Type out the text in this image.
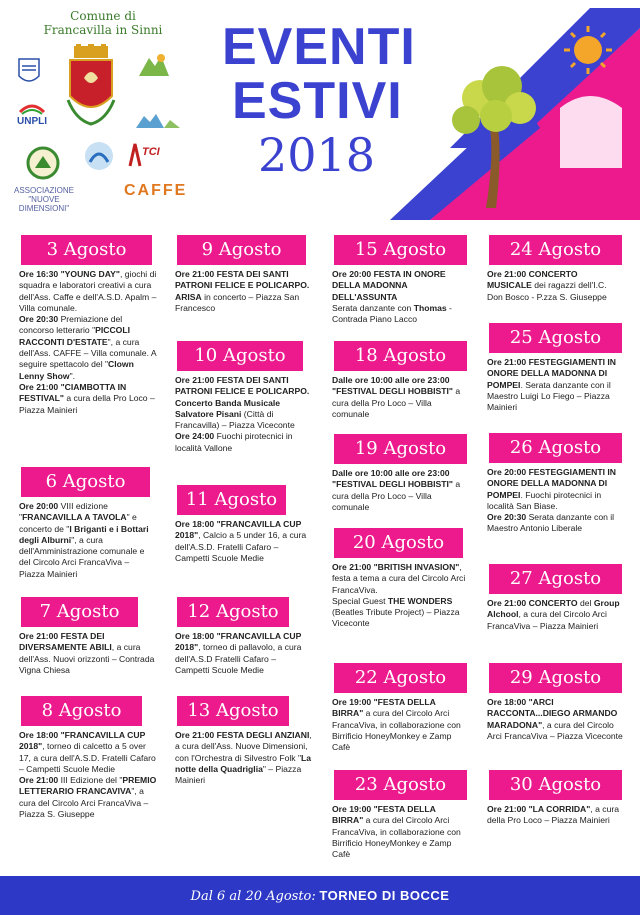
Comune di
Francavilla in Sinni

UNPLI
ASSOCIAZIONE "NUOVE DIMENSIONI"
TCI
CAFFE
EVENTI
ESTIVI
2018
3 Agosto
Ore 16:30 "YOUNG DAY", giochi di squadra e laboratori creativi a cura dell'Ass. Caffe e dell'A.S.D. Apalm – Villa comunale.
Ore 20:30 Premiazione del concorso letterario "PICCOLI RACCONTI D'ESTATE", a cura dell'Ass. CAFFE – Villa comunale. A seguire spettacolo del "Clown Lenny Show".
Ore 21:00 "CIAMBOTTA IN FESTIVAL" a cura della Pro Loco – Piazza Mainieri
6 Agosto
Ore 20:00 VIII edizione "FRANCAVILLA A TAVOLA" e concerto de "I Briganti e i Bottari degli Alburni", a cura dell'Amministrazione comunale e del Circolo Arci FrancaViva – Piazza Mainieri
7 Agosto
Ore 21:00 FESTA DEI DIVERSAMENTE ABILI, a cura dell'Ass. Nuovi orizzonti – Contrada Vigna Chiesa
8 Agosto
Ore 18:00 "FRANCAVILLA CUP 2018", torneo di calcetto a 5 over 17, a cura dell'A.S.D. Fratelli Cafaro – Campetti Scuole Medie
Ore 21:00 III Edizione del "PREMIO LETTERARIO FRANCAVIVA", a cura del Circolo Arci FrancaViva – Piazza S. Giuseppe
9 Agosto
Ore 21:00 FESTA DEI SANTI PATRONI FELICE E POLICARPO.
ARISA in concerto – Piazza San Francesco
10 Agosto
Ore 21:00 FESTA DEI SANTI PATRONI FELICE E POLICARPO.
Concerto Banda Musicale Salvatore Pisani (Città di Francavilla) – Piazza Viceconte
Ore 24:00 Fuochi pirotecnici in località Vallone
11 Agosto
Ore 18:00 "FRANCAVILLA CUP 2018", Calcio a 5 under 16, a cura dell'A.S.D. Fratelli Cafaro – Campetti Scuole Medie
12 Agosto
Ore 18:00 "FRANCAVILLA CUP 2018", torneo di pallavolo, a cura dell'A.S.D Fratelli Cafaro – Campetti Scuole Medie
13 Agosto
Ore 21:00 FESTA DEGLI ANZIANI, a cura dell'Ass. Nuove Dimensioni, con l'Orchestra di Silvestro Folk "La notte della Quadriglia" – Piazza Mainieri
15 Agosto
Ore 20:00 FESTA IN ONORE DELLA MADONNA DELL'ASSUNTA
Serata danzante con Thomas - Contrada Piano Lacco
18 Agosto
Dalle ore 10:00 alle ore 23:00 "FESTIVAL DEGLI HOBBISTI" a cura della Pro Loco – Villa comunale
19 Agosto
Dalle ore 10:00 alle ore 23:00 "FESTIVAL DEGLI HOBBISTI" a cura della Pro Loco – Villa comunale
20 Agosto
Ore 21:00 "BRITISH INVASION", festa a tema a cura del Circolo Arci FrancaViva.
Special Guest THE WONDERS (Beatles Tribute Project) – Piazza Viceconte
22 Agosto
Ore 19:00 "FESTA DELLA BIRRA" a cura del Circolo Arci FrancaViva, in collaborazione con Birrificio HoneyMonkey e Zamp Cafè
23 Agosto
Ore 19:00 "FESTA DELLA BIRRA" a cura del Circolo Arci FrancaViva, in collaborazione con Birrificio HoneyMonkey e Zamp Cafè
24 Agosto
Ore 21:00 CONCERTO MUSICALE dei ragazzi dell'I.C. Don Bosco - P.zza S. Giuseppe
25 Agosto
Ore 21:00 FESTEGGIAMENTI IN ONORE DELLA MADONNA DI POMPEI. Serata danzante con il Maestro Luigi Lo Fiego – Piazza Mainieri
26 Agosto
Ore 20:00 FESTEGGIAMENTI IN ONORE DELLA MADONNA DI POMPEI. Fuochi pirotecnici in località San Biase.
Ore 20:30 Serata danzante con il Maestro Antonio Liberale
27 Agosto
Ore 21:00 CONCERTO del Group Alchool, a cura del Circolo Arci FrancaViva – Piazza Mainieri
29 Agosto
Ore 18:00 "ARCI RACCONTA...DIEGO ARMANDO MARADONA", a cura del Circolo Arci FrancaViva – Piazza Viceconte
30 Agosto
Ore 21:00 "LA CORRIDA", a cura della Pro Loco – Piazza Mainieri
Dal 6 al 20 Agosto: TORNEO DI BOCCE
